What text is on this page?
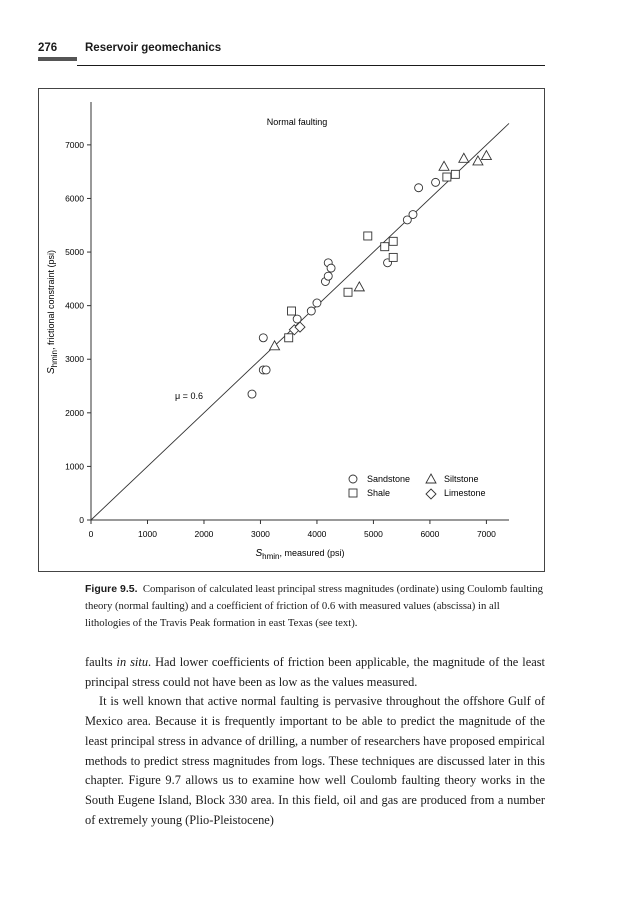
276 Reservoir geomechanics
0	1000	2000	3000	4000	5000	6000	7000
0
1000
2000
3000
4000
5000
6000
7000
Normal faulting
μ = 0.6
Shmin, measured (psi)
Shmin, frictional constraint (psi)
Sandstone	Siltstone
Shale	Limestone
Figure 9.5. Comparison of calculated least principal stress magnitudes (ordinate) using Coulomb faulting theory (normal faulting) and a coefficient of friction of 0.6 with measured values (abscissa) in all lithologies of the Travis Peak formation in east Texas (see text).

faults in situ. Had lower coefficients of friction been applicable, the magnitude of the least principal stress could not have been as low as the values measured.

It is well known that active normal faulting is pervasive throughout the offshore Gulf of Mexico area. Because it is frequently important to be able to predict the magnitude of the least principal stress in advance of drilling, a number of researchers have proposed empirical methods to predict stress magnitudes from logs. These techniques are discussed later in this chapter. Figure 9.7 allows us to examine how well Coulomb faulting theory works in the South Eugene Island, Block 330 area. In this field, oil and gas are produced from a number of extremely young (Plio-Pleistocene)
